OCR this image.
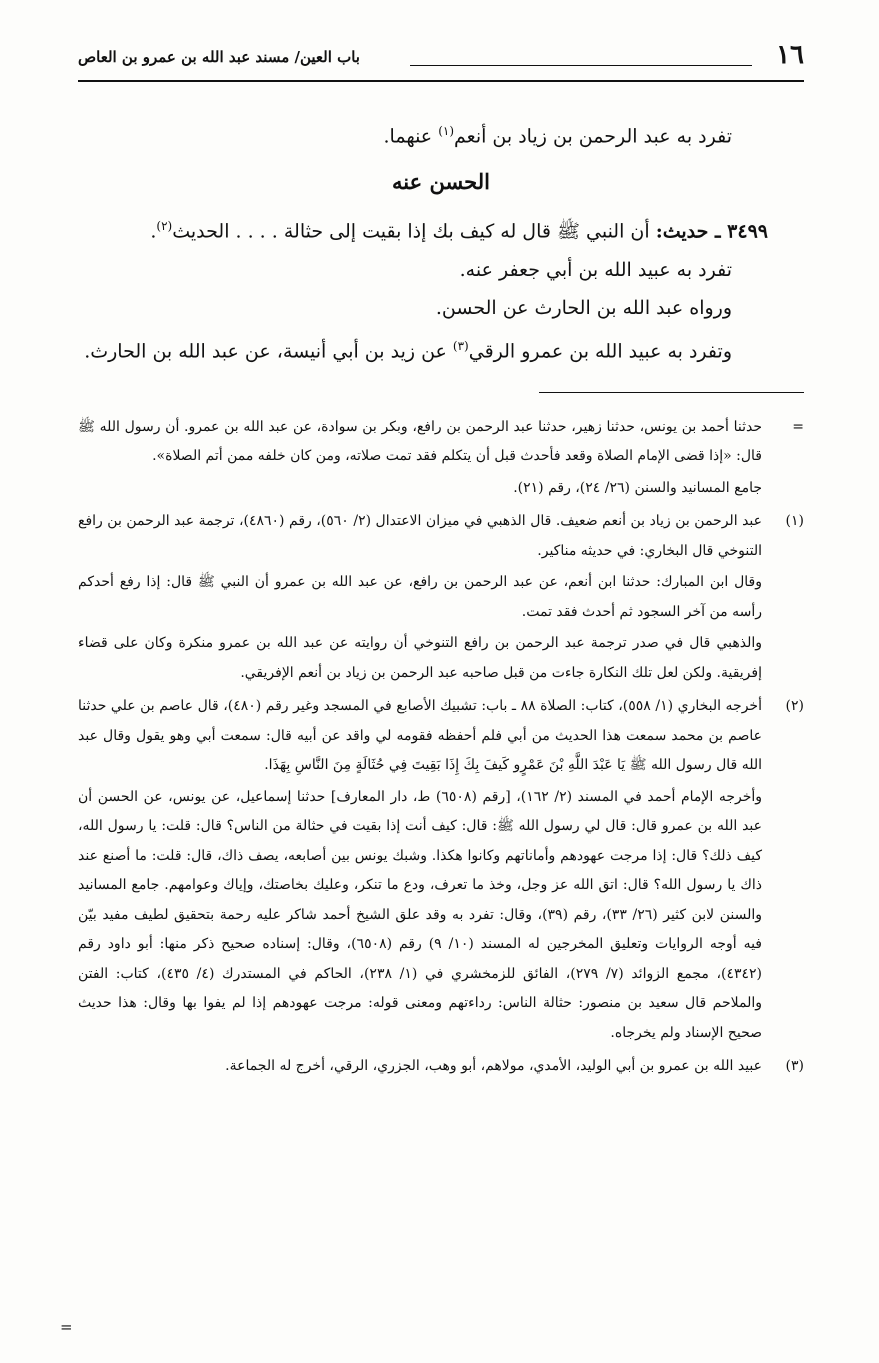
١٦
باب العين/ مسند عبد الله بن عمرو بن العاص

تفرد به عبد الرحمن بن زياد بن أنعم$^{(١)}$ عنهما.

الحسن عنه

٣٤٩٩ ـ حديث: أن النبي ﷺ قال له كيف بك إذا بقيت إلى حثالة . . . . الحديث$^{(٢)}$.

تفرد به عبيد الله بن أبي جعفر عنه.

ورواه عبد الله بن الحارث عن الحسن.

وتفرد به عبيد الله بن عمرو الرقي$^{(٣)}$ عن زيد بن أبي أنيسة، عن عبد الله بن الحارث.

=

حدثنا أحمد بن يونس، حدثنا زهير، حدثنا عبد الرحمن بن رافع، وبكر بن سوادة، عن عبد الله بن عمرو. أن رسول الله ﷺ قال: «إذا قضى الإمام الصلاة وقعد فأحدث قبل أن يتكلم فقد تمت صلاته، ومن كان خلفه ممن أتم الصلاة».

جامع المسانيد والسنن (٢٦/ ٢٤)، رقم (٢١).

(١)

عبد الرحمن بن زياد بن أنعم ضعيف. قال الذهبي في ميزان الاعتدال (٢/ ٥٦٠)، رقم (٤٨٦٠)، ترجمة عبد الرحمن بن رافع التنوخي قال البخاري: في حديثه مناكير.

وقال ابن المبارك: حدثنا ابن أنعم، عن عبد الرحمن بن رافع، عن عبد الله بن عمرو أن النبي ﷺ قال: إذا رفع أحدكم رأسه من آخر السجود ثم أحدث فقد تمت.

والذهبي قال في صدر ترجمة عبد الرحمن بن رافع التنوخي أن روايته عن عبد الله بن عمرو منكرة وكان على قضاء إفريقية. ولكن لعل تلك النكارة جاءت من قبل صاحبه عبد الرحمن بن زياد بن أنعم الإفريقي.

(٢)

أخرجه البخاري (١/ ٥٥٨)، كتاب: الصلاة ٨٨ ـ باب: تشبيك الأصابع في المسجد وغير رقم (٤٨٠)، قال عاصم بن علي حدثنا عاصم بن محمد سمعت هذا الحديث من أبي فلم أحفظه فقومه لي واقد عن أبيه قال: سمعت أبي وهو يقول وقال عبد الله قال رسول الله ﷺ يَا عَبْدَ اللَّهِ بْنَ عَمْرٍو كَيفَ بِكَ إِذَا بَقِيتَ فِي حُثَالَةٍ مِنَ النَّاسِ بِهَذَا.

وأخرجه الإمام أحمد في المسند (٢/ ١٦٢)، [رقم (٦٥٠٨) ط، دار المعارف] حدثنا إسماعيل، عن يونس، عن الحسن أن عبد الله بن عمرو قال: قال لي رسول الله ﷺ: قال: كيف أنت إذا بقيت في حثالة من الناس؟ قال: قلت: يا رسول الله، كيف ذلك؟ قال: إذا مرجت عهودهم وأماناتهم وكانوا هكذا. وشبك يونس بين أصابعه، يصف ذاك، قال: قلت: ما أصنع عند ذاك يا رسول الله؟ قال: اتق الله عز وجل، وخذ ما تعرف، ودع ما تنكر، وعليك بخاصتك، وإياك وعوامهم. جامع المسانيد والسنن لابن كثير (٢٦/ ٣٣)، رقم (٣٩)، وقال: تفرد به وقد علق الشيخ أحمد شاكر عليه رحمة بتحقيق لطيف مفيد بيّن فيه أوجه الروايات وتعليق المخرجين له المسند (١٠/ ٩) رقم (٦٥٠٨)، وقال: إسناده صحيح ذكر منها: أبو داود رقم (٤٣٤٢)، مجمع الزوائد (٧/ ٢٧٩)، الفائق للزمخشري في (١/ ٢٣٨)، الحاكم في المستدرك (٤/ ٤٣٥)، كتاب: الفتن والملاحم قال سعيد بن منصور: حثالة الناس: رداءتهم ومعنى قوله: مرجت عهودهم إذا لم يفوا بها وقال: هذا حديث صحيح الإسناد ولم يخرجاه.

(٣)

عبيد الله بن عمرو بن أبي الوليد، الأمدي، مولاهم، أبو وهب، الجزري، الرقي، أخرج له الجماعة.

=
